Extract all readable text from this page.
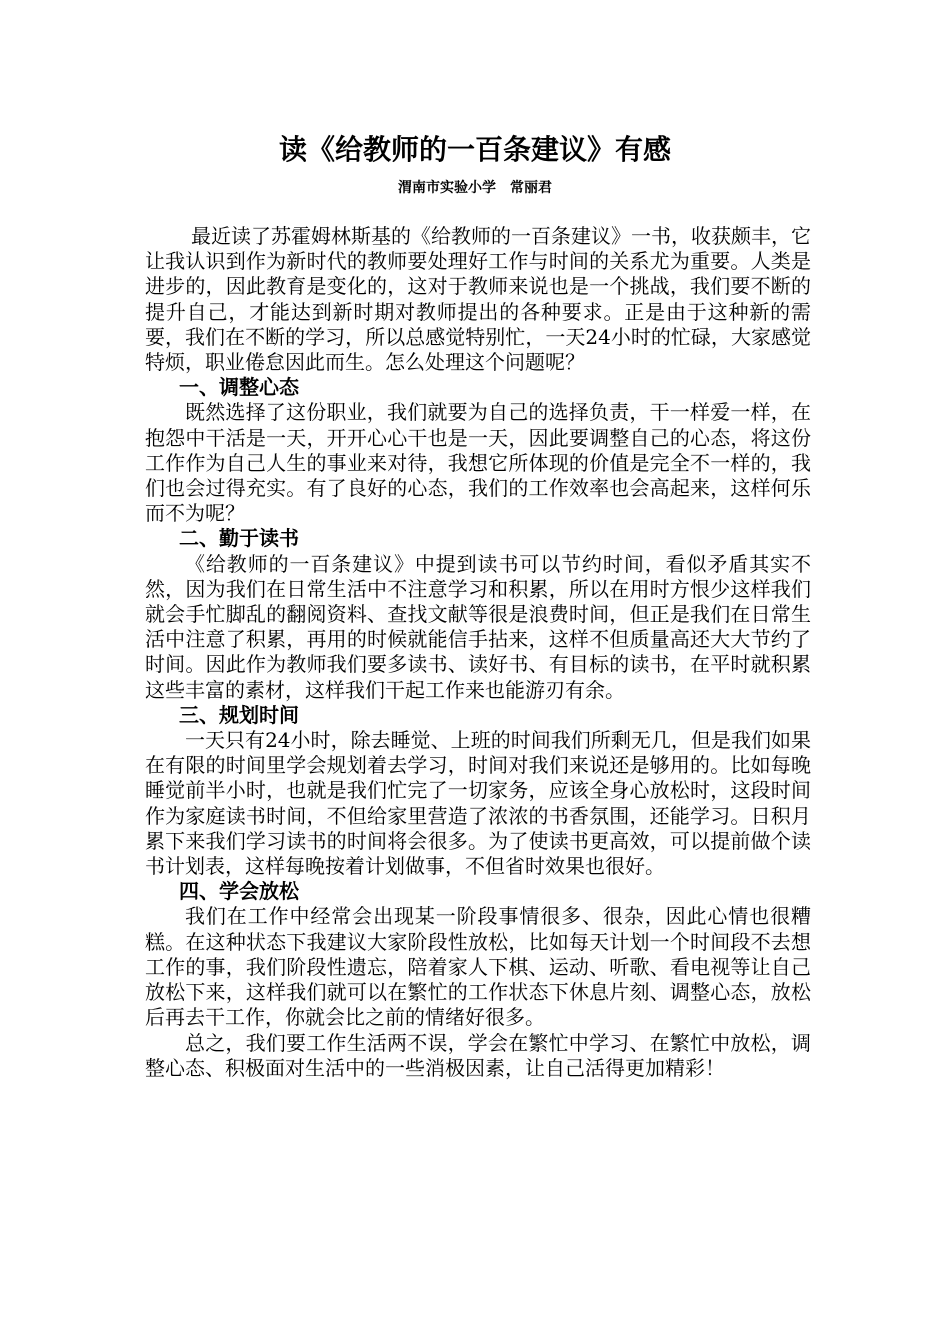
读《给教师的一百条建议》有感
渭南市实验小学　常丽君

最近读了苏霍姆林斯基的《给教师的一百条建议》一书，收获颇丰，它让我认识到作为新时代的教师要处理好工作与时间的关系尤为重要。人类是进步的，因此教育是变化的，这对于教师来说也是一个挑战，我们要不断的提升自己，才能达到新时期对教师提出的各种要求。正是由于这种新的需要，我们在不断的学习，所以总感觉特别忙，一天24小时的忙碌，大家感觉特烦，职业倦怠因此而生。怎么处理这个问题呢？

一、调整心态

既然选择了这份职业，我们就要为自己的选择负责，干一样爱一样，在抱怨中干活是一天，开开心心干也是一天，因此要调整自己的心态，将这份工作作为自己人生的事业来对待，我想它所体现的价值是完全不一样的，我们也会过得充实。有了良好的心态，我们的工作效率也会高起来，这样何乐而不为呢？

二、勤于读书

《给教师的一百条建议》中提到读书可以节约时间，看似矛盾其实不然，因为我们在日常生活中不注意学习和积累，所以在用时方恨少这样我们就会手忙脚乱的翻阅资料、查找文献等很是浪费时间，但正是我们在日常生活中注意了积累，再用的时候就能信手拈来，这样不但质量高还大大节约了时间。因此作为教师我们要多读书、读好书、有目标的读书，在平时就积累这些丰富的素材，这样我们干起工作来也能游刃有余。

三、规划时间

一天只有24小时，除去睡觉、上班的时间我们所剩无几，但是我们如果在有限的时间里学会规划着去学习，时间对我们来说还是够用的。比如每晚睡觉前半小时，也就是我们忙完了一切家务，应该全身心放松时，这段时间作为家庭读书时间，不但给家里营造了浓浓的书香氛围，还能学习。日积月累下来我们学习读书的时间将会很多。为了使读书更高效，可以提前做个读书计划表，这样每晚按着计划做事，不但省时效果也很好。

四、学会放松

我们在工作中经常会出现某一阶段事情很多、很杂，因此心情也很糟糕。在这种状态下我建议大家阶段性放松，比如每天计划一个时间段不去想工作的事，我们阶段性遗忘，陪着家人下棋、运动、听歌、看电视等让自己放松下来，这样我们就可以在繁忙的工作状态下休息片刻、调整心态，放松后再去干工作，你就会比之前的情绪好很多。

总之，我们要工作生活两不误，学会在繁忙中学习、在繁忙中放松，调整心态、积极面对生活中的一些消极因素，让自己活得更加精彩！
